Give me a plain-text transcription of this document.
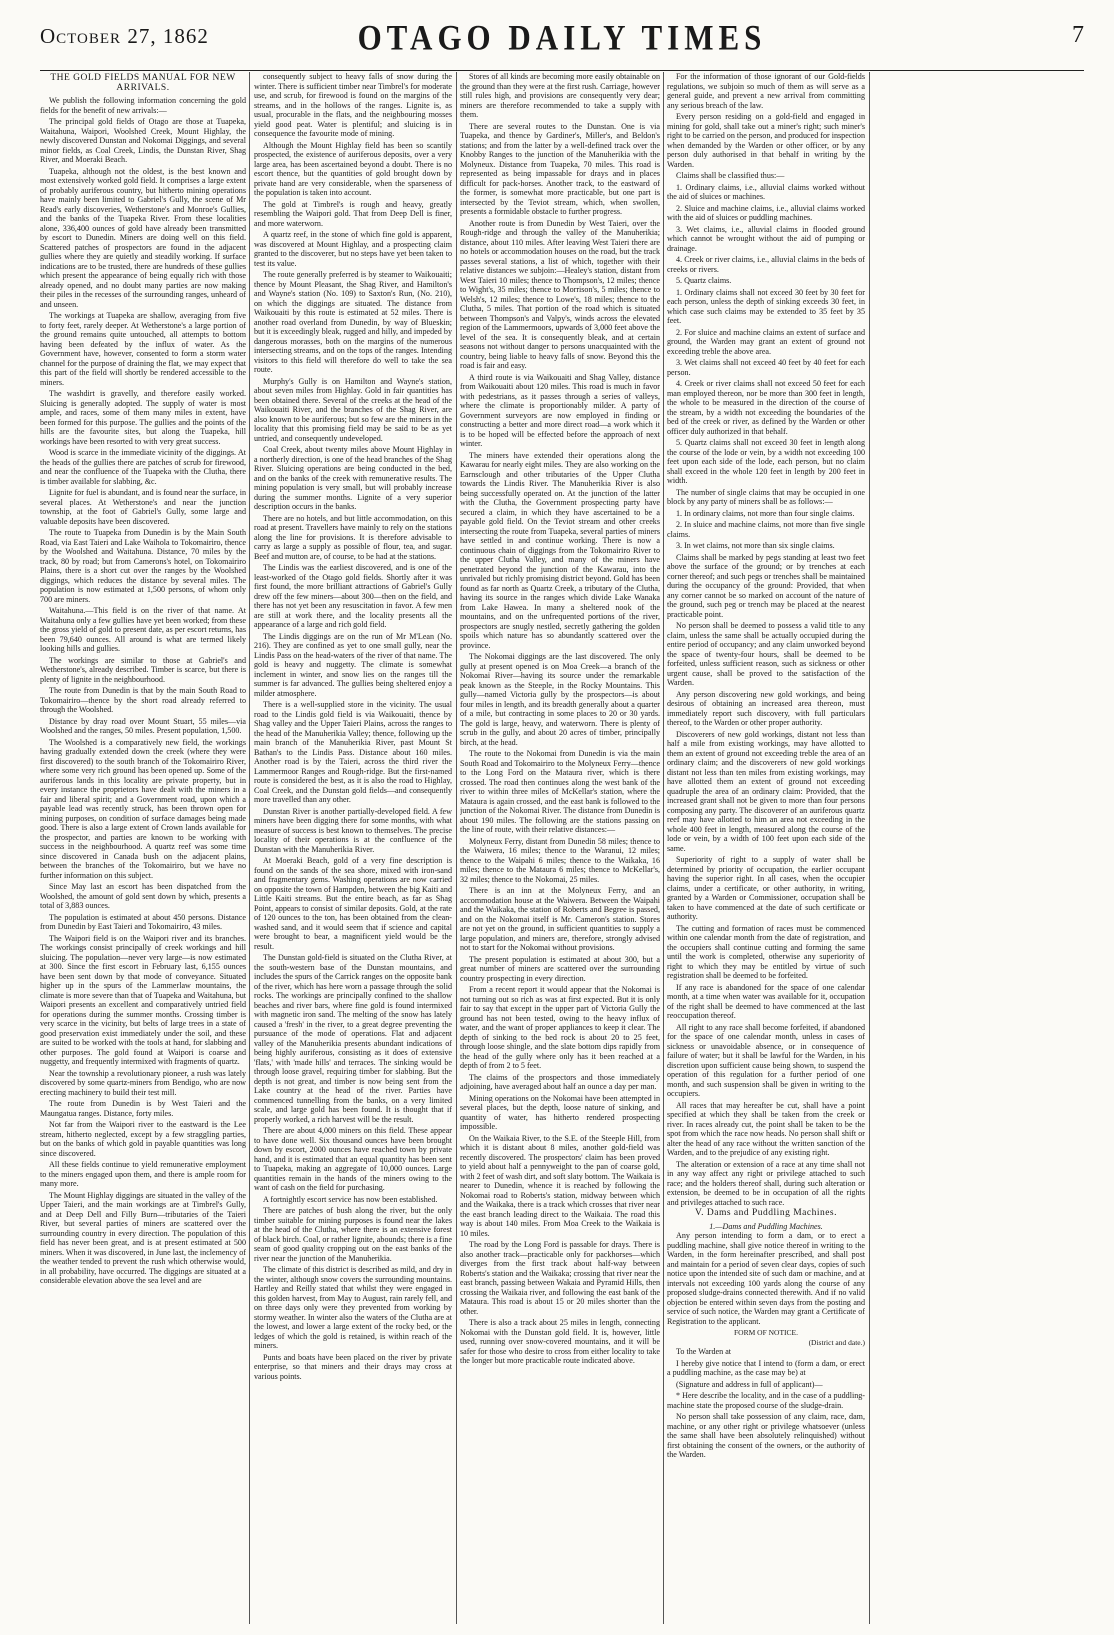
October 27, 1862	OTAGO DAILY TIMES	7
THE GOLD FIELDS MANUAL FOR NEW ARRIVALS.

We publish the following information concerning the gold fields for the benefit of new arrivals:—

The principal gold fields of Otago are those at Tuapeka, Waitahuna, Waipori, Woolshed Creek, Mount Highlay, the newly discovered Dunstan and Nokomai Diggings, and several minor fields, as Coal Creek, Lindis, the Dunstan River, Shag River, and Moeraki Beach.

Tuapeka, although not the oldest, is the best known and most extensively worked gold field. It comprises a large extent of probably auriferous country, but hitherto mining operations have mainly been limited to Gabriel's Gully, the scene of Mr Read's early discoveries, Wetherstone's and Monroe's Gullies, and the banks of the Tuapeka River. From these localities alone, 336,400 ounces of gold have already been transmitted by escort to Dunedin. Miners are doing well on this field. Scattered patches of prospectors are found in the adjacent gullies where they are quietly and steadily working. If surface indications are to be trusted, there are hundreds of these gullies which present the appearance of being equally rich with those already opened, and no doubt many parties are now making their piles in the recesses of the surrounding ranges, unheard of and unseen.

The workings at Tuapeka are shallow, averaging from five to forty feet, rarely deeper. At Wetherstone's a large portion of the ground remains quite untouched, all attempts to bottom having been defeated by the influx of water. As the Government have, however, consented to form a storm water channel for the purpose of draining the flat, we may expect that this part of the field will shortly be rendered accessible to the miners.

The washdirt is gravelly, and therefore easily worked. Sluicing is generally adopted. The supply of water is most ample, and races, some of them many miles in extent, have been formed for this purpose. The gullies and the points of the hills are the favourite sites, but along the Tuapeka, hill workings have been resorted to with very great success.

Wood is scarce in the immediate vicinity of the diggings. At the heads of the gullies there are patches of scrub for firewood, and near the confluence of the Tuapeka with the Clutha, there is timber available for slabbing, &c.

Lignite for fuel is abundant, and is found near the surface, in several places. At Wetherstone's and near the junction township, at the foot of Gabriel's Gully, some large and valuable deposits have been discovered.

The route to Tuapeka from Dunedin is by the Main South Road, via East Taieri and Lake Waihola to Tokomairiro, thence by the Woolshed and Waitahuna. Distance, 70 miles by the track, 80 by road; but from Camerons's hotel, on Tokomairiro Plains, there is a short cut over the ranges by the Woolshed diggings, which reduces the distance by several miles. The population is now estimated at 1,500 persons, of whom only 700 are miners.

Waitahuna.—This field is on the river of that name. At Waitahuna only a few gullies have yet been worked; from these the gross yield of gold to present date, as per escort returns, has been 79,640 ounces. All around is what are termed likely looking hills and gullies.

The workings are similar to those at Gabriel's and Wetherstone's, already described. Timber is scarce, but there is plenty of lignite in the neighbourhood.

The route from Dunedin is that by the main South Road to Tokomairiro—thence by the short road already referred to through the Woolshed.

Distance by dray road over Mount Stuart, 55 miles—via Woolshed and the ranges, 50 miles. Present population, 1,500.

The Woolshed is a comparatively new field, the workings having gradually extended down the creek (where they were first discovered) to the south branch of the Tokomairiro River, where some very rich ground has been opened up. Some of the auriferous lands in this locality are private property, but in every instance the proprietors have dealt with the miners in a fair and liberal spirit; and a Government road, upon which a payable lead was recently struck, has been thrown open for mining purposes, on condition of surface damages being made good. There is also a large extent of Crown lands available for the prospector, and parties are known to be working with success in the neighbourhood. A quartz reef was some time since discovered in Canada bush on the adjacent plains, between the branches of the Tokomairiro, but we have no further information on this subject.

Since May last an escort has been dispatched from the Woolshed, the amount of gold sent down by which, presents a total of 3,883 ounces.

The population is estimated at about 450 persons. Distance from Dunedin by East Taieri and Tokomairiro, 43 miles.

The Waipori field is on the Waipori river and its branches. The workings consist principally of creek workings and hill sluicing. The population—never very large—is now estimated at 300. Since the first escort in February last, 6,155 ounces have been sent down by that mode of conveyance. Situated higher up in the spurs of the Lammerlaw mountains, the climate is more severe than that of Tuapeka and Waitahuna, but Waipori presents an excellent and comparatively untried field for operations during the summer months. Crossing timber is very scarce in the vicinity, but belts of large trees in a state of good preservation exist immediately under the soil, and these are suited to be worked with the tools at hand, for slabbing and other purposes. The gold found at Waipori is coarse and nuggetty, and frequently intermixed with fragments of quartz.

Near the township a revolutionary pioneer, a rush was lately discovered by some quartz-miners from Bendigo, who are now erecting machinery to build their test mill.

The route from Dunedin is by West Taieri and the Maungatua ranges. Distance, forty miles.

Not far from the Waipori river to the eastward is the Lee stream, hitherto neglected, except by a few straggling parties, but on the banks of which gold in payable quantities was long since discovered.

All these fields continue to yield remunerative employment to the miners engaged upon them, and there is ample room for many more.

The Mount Highlay diggings are situated in the valley of the Upper Taieri, and the main workings are at Timbrel's Gully, and at Deep Dell and Filly Burn—tributaries of the Taieri River, but several parties of miners are scattered over the surrounding country in every direction. The population of this field has never been great, and is at present estimated at 500 miners. When it was discovered, in June last, the inclemency of the weather tended to prevent the rush which otherwise would, in all probability, have occurred. The diggings are situated at a considerable elevation above the sea level and are

consequently subject to heavy falls of snow during the winter. There is sufficient timber near Timbrel's for moderate use, and scrub, for firewood is found on the margins of the streams, and in the hollows of the ranges. Lignite is, as usual, procurable in the flats, and the neighbouring mosses yield good peat. Water is plentiful; and sluicing is in consequence the favourite mode of mining.

Although the Mount Highlay field has been so scantily prospected, the existence of auriferous deposits, over a very large area, has been ascertained beyond a doubt. There is no escort thence, but the quantities of gold brought down by private hand are very considerable, when the sparseness of the population is taken into account.

The gold at Timbrel's is rough and heavy, greatly resembling the Waipori gold. That from Deep Dell is finer, and more waterworn.

A quartz reef, in the stone of which fine gold is apparent, was discovered at Mount Highlay, and a prospecting claim granted to the discoverer, but no steps have yet been taken to test its value.

The route generally preferred is by steamer to Waikouaiti; thence by Mount Pleasant, the Shag River, and Hamilton's and Wayne's station (No. 109) to Saxton's Run, (No. 210), on which the diggings are situated. The distance from Waikouaiti by this route is estimated at 52 miles. There is another road overland from Dunedin, by way of Blueskin; but it is exceedingly bleak, rugged and hilly, and impeded by dangerous morasses, both on the margins of the numerous intersecting streams, and on the tops of the ranges. Intending visitors to this field will therefore do well to take the sea route.

Murphy's Gully is on Hamilton and Wayne's station, about seven miles from Highlay. Gold in fair quantities has been obtained there. Several of the creeks at the head of the Waikouaiti River, and the branches of the Shag River, are also known to be auriferous; but so few are the miners in the locality that this promising field may be said to be as yet untried, and consequently undeveloped.

Coal Creek, about twenty miles above Mount Highlay in a northerly direction, is one of the head branches of the Shag River. Sluicing operations are being conducted in the bed, and on the banks of the creek with remunerative results. The mining population is very small, but will probably increase during the summer months. Lignite of a very superior description occurs in the banks.

There are no hotels, and but little accommodation, on this road at present. Travellers have mainly to rely on the stations along the line for provisions. It is therefore advisable to carry as large a supply as possible of flour, tea, and sugar. Beef and mutton are, of course, to be had at the stations.

The Lindis was the earliest discovered, and is one of the least-worked of the Otago gold fields. Shortly after it was first found, the more brilliant attractions of Gabriel's Gully drew off the few miners—about 300—then on the field, and there has not yet been any resuscitation in favor. A few men are still at work there, and the locality presents all the appearance of a large and rich gold field.

The Lindis diggings are on the run of Mr M'Lean (No. 216). They are confined as yet to one small gully, near the Lindis Pass on the head-waters of the river of that name. The gold is heavy and nuggetty. The climate is somewhat inclement in winter, and snow lies on the ranges till the summer is far advanced. The gullies being sheltered enjoy a milder atmosphere.

There is a well-supplied store in the vicinity. The usual road to the Lindis gold field is via Waikouaiti, thence by Shag valley and the Upper Taieri Plains, across the ranges to the head of the Manuherikia Valley; thence, following up the main branch of the Manuherikia River, past Mount St Bathan's to the Lindis Pass. Distance about 160 miles. Another road is by the Taieri, across the third river the Lammermoor Ranges and Rough-ridge. But the first-named route is considered the best, as it is also the road to Highlay, Coal Creek, and the Dunstan gold fields—and consequently more travelled than any other.

Dunstan River is another partially-developed field. A few miners have been digging there for some months, with what measure of success is best known to themselves. The precise locality of their operations is at the confluence of the Dunstan with the Manuherikia River.

At Moeraki Beach, gold of a very fine description is found on the sands of the sea shore, mixed with iron-sand and fragmentary gems. Washing operations are now carried on opposite the town of Hampden, between the big Kaiti and Little Kaiti streams. But the entire beach, as far as Shag Point, appears to consist of similar deposits. Gold, at the rate of 120 ounces to the ton, has been obtained from the clean-washed sand, and it would seem that if science and capital were brought to bear, a magnificent yield would be the result.

The Dunstan gold-field is situated on the Clutha River, at the south-western base of the Dunstan mountains, and includes the spurs of the Carrick ranges on the opposite bank of the river, which has here worn a passage through the solid rocks. The workings are principally confined to the shallow beaches and river bars, where fine gold is found intermixed with magnetic iron sand. The melting of the snow has lately caused a 'fresh' in the river, to a great degree preventing the pursuance of the mode of operations. Flat and adjacent valley of the Manuherikia presents abundant indications of being highly auriferous, consisting as it does of extensive 'flats,' with 'made hills' and terraces. The sinking would be through loose gravel, requiring timber for slabbing. But the depth is not great, and timber is now being sent from the Lake country at the head of the river. Parties have commenced tunnelling from the banks, on a very limited scale, and large gold has been found. It is thought that if properly worked, a rich harvest will be the result.

There are about 4,000 miners on this field. These appear to have done well. Six thousand ounces have been brought down by escort, 2000 ounces have reached town by private hand, and it is estimated that an equal quantity has been sent to Tuapeka, making an aggregate of 10,000 ounces. Large quantities remain in the hands of the miners owing to the want of cash on the field for purchasing.

A fortnightly escort service has now been established.

There are patches of bush along the river, but the only timber suitable for mining purposes is found near the lakes at the head of the Clutha, where there is an extensive forest of black birch. Coal, or rather lignite, abounds; there is a fine seam of good quality cropping out on the east banks of the river near the junction of the Manuherikia.

The climate of this district is described as mild, and dry in the winter, although snow covers the surrounding mountains. Hartley and Reilly stated that whilst they were engaged in this golden harvest, from May to August, rain rarely fell, and on three days only were they prevented from working by stormy weather. In winter also the waters of the Clutha are at the lowest, and lower a large extent of the rocky bed, or the ledges of which the gold is retained, is within reach of the miners.

Punts and boats have been placed on the river by private enterprise, so that miners and their drays may cross at various points.

Stores of all kinds are becoming more easily obtainable on the ground than they were at the first rush. Carriage, however still rules high, and provisions are consequently very dear; miners are therefore recommended to take a supply with them.

There are several routes to the Dunstan. One is via Tuapeka, and thence by Gardiner's, Miller's, and Beldon's stations; and from the latter by a well-defined track over the Knobby Ranges to the junction of the Manuherikia with the Molyneux. Distance from Tuapeka, 70 miles. This road is represented as being impassable for drays and in places difficult for pack-horses. Another track, to the eastward of the former, is somewhat more practicable, but one part is intersected by the Teviot stream, which, when swollen, presents a formidable obstacle to further progress.

Another route is from Dunedin by West Taieri, over the Rough-ridge and through the valley of the Manuherikia; distance, about 110 miles. After leaving West Taieri there are no hotels or accommodation houses on the road, but the track passes several stations, a list of which, together with their relative distances we subjoin:—Healey's station, distant from West Taieri 10 miles; thence to Thompson's, 12 miles; thence to Wight's, 35 miles; thence to Morrison's, 5 miles; thence to Welsh's, 12 miles; thence to Lowe's, 18 miles; thence to the Clutha, 5 miles. That portion of the road which is situated between Thompson's and Valpy's, winds across the elevated region of the Lammermoors, upwards of 3,000 feet above the level of the sea. It is consequently bleak, and at certain seasons not without danger to persons unacquainted with the country, being liable to heavy falls of snow. Beyond this the road is fair and easy.

A third route is via Waikouaiti and Shag Valley, distance from Waikouaiti about 120 miles. This road is much in favor with pedestrians, as it passes through a series of valleys, where the climate is proportionably milder. A party of Government surveyors are now employed in finding or constructing a better and more direct road—a work which it is to be hoped will be effected before the approach of next winter.

The miners have extended their operations along the Kawarau for nearly eight miles. They are also working on the Earnsclough and other tributaries of the Upper Clutha towards the Lindis River. The Manuherikia River is also being successfully operated on. At the junction of the latter with the Clutha, the Government prospecting party have secured a claim, in which they have ascertained to be a payable gold field. On the Teviot stream and other creeks intersecting the route from Tuapeka, several parties of miners have settled in and continue working. There is now a continuous chain of diggings from the Tokomairiro River to the upper Clutha Valley, and many of the miners have penetrated beyond the junction of the Kawarau, into the unrivaled but richly promising district beyond. Gold has been found as far north as Quartz Creek, a tributary of the Clutha, having its source in the ranges which divide Lake Wanaka from Lake Hawea. In many a sheltered nook of the mountains, and on the unfrequented portions of the river, prospectors are snugly nestled, secretly gathering the golden spoils which nature has so abundantly scattered over the province.

The Nokomai diggings are the last discovered. The only gully at present opened is on Moa Creek—a branch of the Nokomai River—having its source under the remarkable peak known as the Steeple, in the Rocky Mountains. This gully—named Victoria gully by the prospectors—is about four miles in length, and its breadth generally about a quarter of a mile, but contracting in some places to 20 or 30 yards. The gold is large, heavy, and waterworn. There is plenty of scrub in the gully, and about 20 acres of timber, principally birch, at the head.

The route to the Nokomai from Dunedin is via the main South Road and Tokomairiro to the Molyneux Ferry—thence to the Long Ford on the Mataura river, which is there crossed. The road then continues along the west bank of the river to within three miles of McKellar's station, where the Mataura is again crossed, and the east bank is followed to the junction of the Nokomai River. The distance from Dunedin is about 190 miles. The following are the stations passing on the line of route, with their relative distances:—

Molyneux Ferry, distant from Dunedin 58 miles; thence to the Waiwera, 16 miles; thence to the Waranui, 12 miles; thence to the Waipahi 6 miles; thence to the Waikaka, 16 miles; thence to the Mataura 6 miles; thence to McKellar's, 32 miles; thence to the Nokomai, 25 miles.

There is an inn at the Molyneux Ferry, and an accommodation house at the Waiwera. Between the Waipahi and the Waikaka, the station of Roberts and Begree is passed, and on the Nokomai itself is Mr. Cameron's station. Stores are not yet on the ground, in sufficient quantities to supply a large population, and miners are, therefore, strongly advised not to start for the Nokomai without provisions.

The present population is estimated at about 300, but a great number of miners are scattered over the surrounding country prospecting in every direction.

From a recent report it would appear that the Nokomai is not turning out so rich as was at first expected. But it is only fair to say that except in the upper part of Victoria Gully the ground has not been tested, owing to the heavy influx of water, and the want of proper appliances to keep it clear. The depth of sinking to the bed rock is about 20 to 25 feet, through loose shingle, and the slate bottom dips rapidly from the head of the gully where only has it been reached at a depth of from 2 to 5 feet.

The claims of the prospectors and those immediately adjoining, have averaged about half an ounce a day per man.

Mining operations on the Nokomai have been attempted in several places, but the depth, loose nature of sinking, and quantity of water, has hitherto rendered prospecting impossible.

On the Waikaia River, to the S.E. of the Steeple Hill, from which it is distant about 8 miles, another gold-field was recently discovered. The prospectors' claim has been proved to yield about half a pennyweight to the pan of coarse gold, with 2 feet of wash dirt, and soft slaty bottom. The Waikaia is nearer to Dunedin, whence it is reached by following the Nokomai road to Roberts's station, midway between which and the Waikaka, there is a track which crosses that river near the east branch leading direct to the Waikaia. The road this way is about 140 miles. From Moa Creek to the Waikaia is 10 miles.

The road by the Long Ford is passable for drays. There is also another track—practicable only for packhorses—which diverges from the first track about half-way between Roberts's station and the Waikaka; crossing that river near the east branch, passing between Wakaia and Pyramid Hills, then crossing the Waikaia river, and following the east bank of the Mataura. This road is about 15 or 20 miles shorter than the other.

There is also a track about 25 miles in length, connecting Nokomai with the Dunstan gold field. It is, however, little used, running over snow-covered mountains, and it will be safer for those who desire to cross from either locality to take the longer but more practicable route indicated above.

For the information of those ignorant of our Gold-fields regulations, we subjoin so much of them as will serve as a general guide, and prevent a new arrival from committing any serious breach of the law.

Every person residing on a gold-field and engaged in mining for gold, shall take out a miner's right; such miner's right to be carried on the person, and produced for inspection when demanded by the Warden or other officer, or by any person duly authorised in that behalf in writing by the Warden.

Claims shall be classified thus:—

1. Ordinary claims, i.e., alluvial claims worked without the aid of sluices or machines.

2. Sluice and machine claims, i.e., alluvial claims worked with the aid of sluices or puddling machines.

3. Wet claims, i.e., alluvial claims in flooded ground which cannot be wrought without the aid of pumping or drainage.

4. Creek or river claims, i.e., alluvial claims in the beds of creeks or rivers.

5. Quartz claims.

1. Ordinary claims shall not exceed 30 feet by 30 feet for each person, unless the depth of sinking exceeds 30 feet, in which case such claims may be extended to 35 feet by 35 feet.

2. For sluice and machine claims an extent of surface and ground, the Warden may grant an extent of ground not exceeding treble the above area.

3. Wet claims shall not exceed 40 feet by 40 feet for each person.

4. Creek or river claims shall not exceed 50 feet for each man employed thereon, nor be more than 300 feet in length, the whole to be measured in the direction of the course of the stream, by a width not exceeding the boundaries of the bed of the creek or river, as defined by the Warden or other officer duly authorized in that behalf.

5. Quartz claims shall not exceed 30 feet in length along the course of the lode or vein, by a width not exceeding 100 feet upon each side of the lode, each person, but no claim shall exceed in the whole 120 feet in length by 200 feet in width.

The number of single claims that may be occupied in one block by any party of miners shall be as follows:—

1. In ordinary claims, not more than four single claims.

2. In sluice and machine claims, not more than five single claims.

3. In wet claims, not more than six single claims.

Claims shall be marked by pegs standing at least two feet above the surface of the ground; or by trenches at each corner thereof; and such pegs or trenches shall be maintained during the occupancy of the ground: Provided, that when any corner cannot be so marked on account of the nature of the ground, such peg or trench may be placed at the nearest practicable point.

No person shall be deemed to possess a valid title to any claim, unless the same shall be actually occupied during the entire period of occupancy; and any claim unworked beyond the space of twenty-four hours, shall be deemed to be forfeited, unless sufficient reason, such as sickness or other urgent cause, shall be proved to the satisfaction of the Warden.

Any person discovering new gold workings, and being desirous of obtaining an increased area thereon, must immediately report such discovery, with full particulars thereof, to the Warden or other proper authority.

Discoverers of new gold workings, distant not less than half a mile from existing workings, may have allotted to them an extent of ground not exceeding treble the area of an ordinary claim; and the discoverers of new gold workings distant not less than ten miles from existing workings, may have allotted them an extent of ground not exceeding quadruple the area of an ordinary claim: Provided, that the increased grant shall not be given to more than four persons composing any party. The discoverer of an auriferous quartz reef may have allotted to him an area not exceeding in the whole 400 feet in length, measured along the course of the lode or vein, by a width of 100 feet upon each side of the same.

Superiority of right to a supply of water shall be determined by priority of occupation, the earlier occupant having the superior right. In all cases, when the occupier claims, under a certificate, or other authority, in writing, granted by a Warden or Commissioner, occupation shall be taken to have commenced at the date of such certificate or authority.

The cutting and formation of races must be commenced within one calendar month from the date of registration, and the occupiers shall continue cutting and forming the same until the work is completed, otherwise any superiority of right to which they may be entitled by virtue of such registration shall be deemed to be forfeited.

If any race is abandoned for the space of one calendar month, at a time when water was available for it, occupation of the right shall be deemed to have commenced at the last reoccupation thereof.

All right to any race shall become forfeited, if abandoned for the space of one calendar month, unless in cases of sickness or unavoidable absence, or in consequence of failure of water; but it shall be lawful for the Warden, in his discretion upon sufficient cause being shown, to suspend the operation of this regulation for a further period of one month, and such suspension shall be given in writing to the occupiers.

All races that may hereafter be cut, shall have a point specified at which they shall be taken from the creek or river. In races already cut, the point shall be taken to be the spot from which the race now heads. No person shall shift or alter the head of any race without the written sanction of the Warden, and to the prejudice of any existing right.

The alteration or extension of a race at any time shall not in any way affect any right or privilege attached to such race; and the holders thereof shall, during such alteration or extension, be deemed to be in occupation of all the rights and privileges attached to such race.

V. Dams and Puddling Machines.
1.—Dams and Puddling Machines.

Any person intending to form a dam, or to erect a puddling machine, shall give notice thereof in writing to the Warden, in the form hereinafter prescribed, and shall post and maintain for a period of seven clear days, copies of such notice upon the intended site of such dam or machine, and at intervals not exceeding 100 yards along the course of any proposed sludge-drains connected therewith. And if no valid objection be entered within seven days from the posting and service of such notice, the Warden may grant a Certificate of Registration to the applicant.

FORM OF NOTICE.
(District and date.)

To the Warden at

I hereby give notice that I intend to (form a dam, or erect a puddling machine, as the case may be) at

(Signature and address in full of applicant)—

* Here describe the locality, and in the case of a puddling-machine state the proposed course of the sludge-drain.

No person shall take possession of any claim, race, dam, machine, or any other right or privilege whatsoever (unless the same shall have been absolutely relinquished) without first obtaining the consent of the owners, or the authority of the Warden.
